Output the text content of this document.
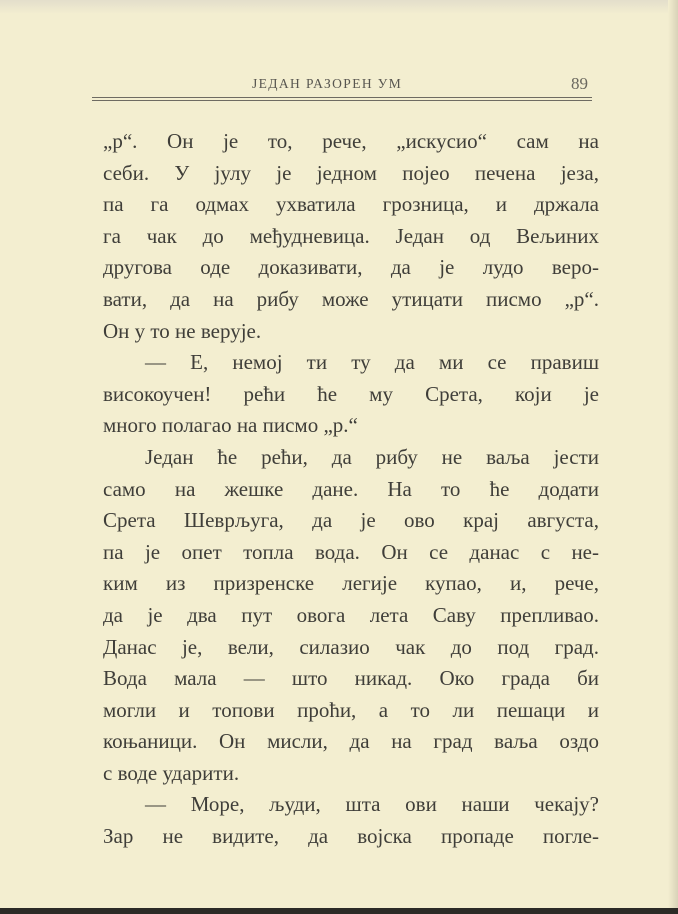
ЈЕДАН РАЗОРЕН УМ	89
„р“. Он је то, рече, „искусио“ сам на
себи. У јулу је једном појео печена језа,
па га одмах ухватила грозница, и држала
га чак до међудневица. Један од Вељиних
другова оде доказивати, да је лудо веро-
вати, да на рибу може утицати писмо „р“.
Он у то не верује.
— Е, немој ти ту да ми се правиш
високоучен! рећи ће му Срета, који је
много полагао на писмо „р.“
Један ће рећи, да рибу не ваља јести
само на жешке дане. На то ће додати
Срета Шеврљуга, да је ово крај августа,
па је опет топла вода. Он се данас с не-
ким из призренске легије купао, и, рече,
да је два пут овога лета Саву препливао.
Данас је, вели, силазио чак до под град.
Вода мала — што никад. Око града би
могли и топови проћи, а то ли пешаци и
коњаници. Он мисли, да на град ваља оздо
с воде ударити.
— Море, људи, шта ови наши чекају?
Зар не видите, да војска пропаде погле-
